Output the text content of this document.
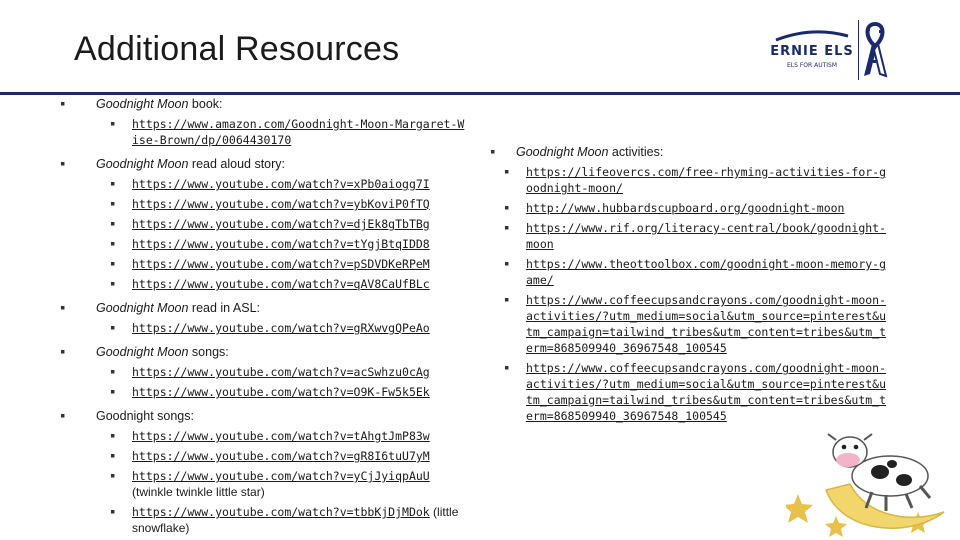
Additional Resources	ERNIE ELS
ELS FOR AUTISM
▪ Goodnight Moon book:
▪ https://www.amazon.com/Goodnight-Moon-Margaret-Wise-Brown/dp/0064430170
▪ Goodnight Moon read aloud story:
▪ https://www.youtube.com/watch?v=xPb0aiogg7I
▪ https://www.youtube.com/watch?v=ybKoviP0fTQ
▪ https://www.youtube.com/watch?v=djEk8gTbTBg
▪ https://www.youtube.com/watch?v=tYgjBtqIDD8
▪ https://www.youtube.com/watch?v=pSDVDKeRPeM
▪ https://www.youtube.com/watch?v=qAV8CaUfBLc
▪ Goodnight Moon read in ASL:
▪ https://www.youtube.com/watch?v=gRXwvgQPeAo
▪ Goodnight Moon songs:
▪ https://www.youtube.com/watch?v=acSwhzu0cAg
▪ https://www.youtube.com/watch?v=O9K-Fw5k5Ek
▪ Goodnight songs:
▪ https://www.youtube.com/watch?v=tAhgtJmP83w
▪ https://www.youtube.com/watch?v=gR8I6tuU7yM
▪ https://www.youtube.com/watch?v=yCjJyiqpAuU (twinkle twinkle little star)
▪ https://www.youtube.com/watch?v=tbbKjDjMDok (little snowflake)
▪ Goodnight Moon activities:
▪ https://lifeovercs.com/free-rhyming-activities-for-goodnight-moon/
▪ http://www.hubbardscupboard.org/goodnight-moon
▪ https://www.rif.org/literacy-central/book/goodnight-moon
▪ https://www.theottoolbox.com/goodnight-moon-memory-game/
▪ https://www.coffeecupsandcrayons.com/goodnight-moon-activities/?utm_medium=social&utm_source=pinterest&utm_campaign=tailwind_tribes&utm_content=tribes&utm_term=868509940_36967548_100545
▪ https://www.coffeecupsandcrayons.com/goodnight-moon-activities/?utm_medium=social&utm_source=pinterest&utm_campaign=tailwind_tribes&utm_content=tribes&utm_term=868509940_36967548_100545
